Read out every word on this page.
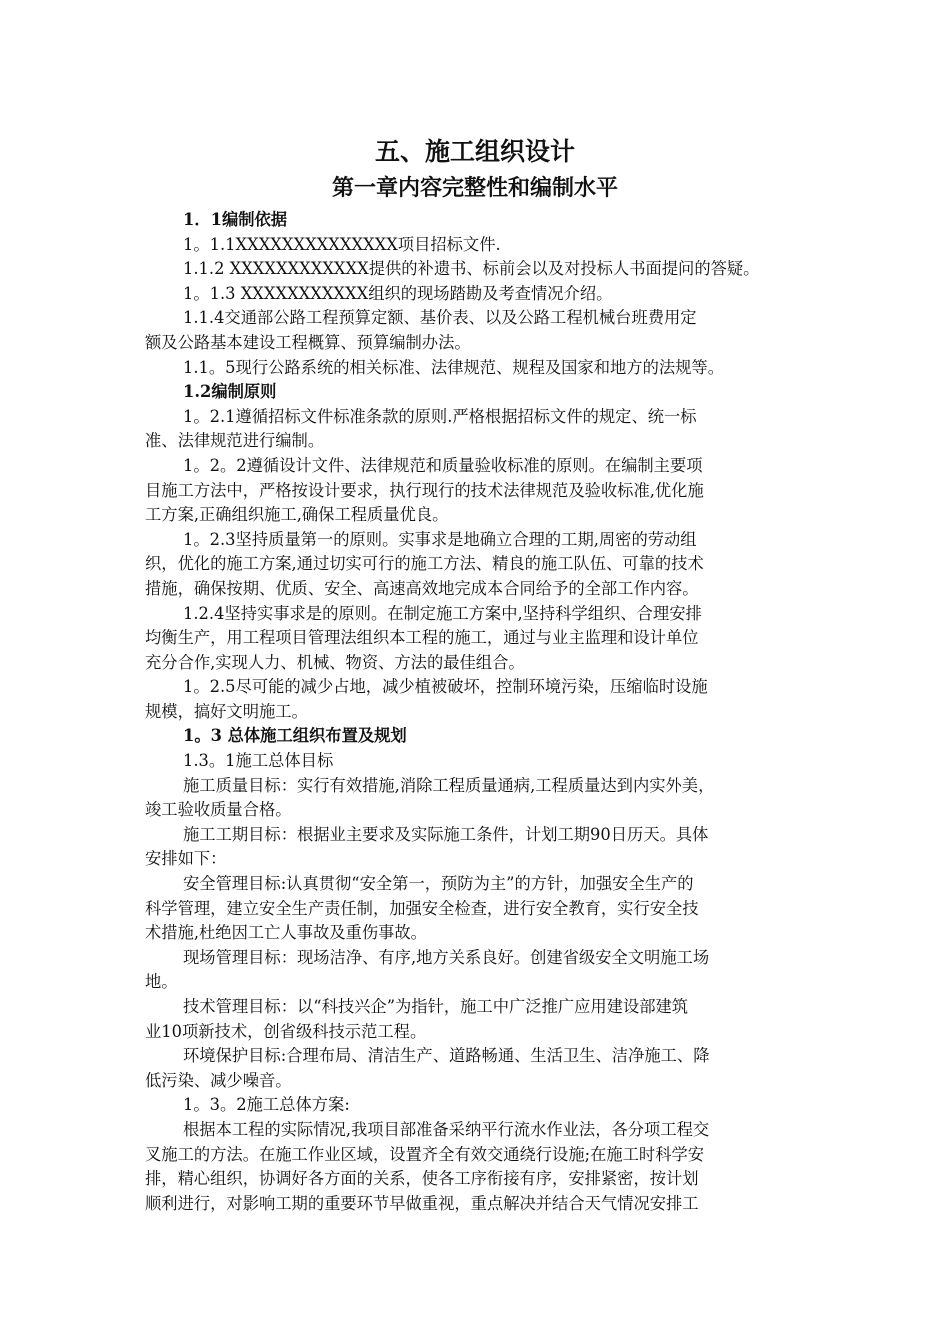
五、施工组织设计
第一章内容完整性和编制水平

1．1编制依据

1。1.1XXXXXXXXXXXXXX项目招标文件.

1.1.2 XXXXXXXXXXXX提供的补遗书、标前会以及对投标人书面提问的答疑。

1。1.3 XXXXXXXXXXX组织的现场踏勘及考查情况介绍。

1.1.4交通部公路工程预算定额、基价表、以及公路工程机械台班费用定

额及公路基本建设工程概算、预算编制办法。

1.1。5现行公路系统的相关标准、法律规范、规程及国家和地方的法规等。

1.2编制原则

1。2.1遵循招标文件标准条款的原则.严格根据招标文件的规定、统一标

准、法律规范进行编制。

1。2。2遵循设计文件、法律规范和质量验收标准的原则。在编制主要项

目施工方法中，严格按设计要求，执行现行的技术法律规范及验收标准,优化施

工方案,正确组织施工,确保工程质量优良。

1。2.3坚持质量第一的原则。实事求是地确立合理的工期,周密的劳动组

织，优化的施工方案,通过切实可行的施工方法、精良的施工队伍、可靠的技术

措施，确保按期、优质、安全、高速高效地完成本合同给予的全部工作内容。

1.2.4坚持实事求是的原则。在制定施工方案中,坚持科学组织、合理安排

均衡生产，用工程项目管理法组织本工程的施工，通过与业主监理和设计单位

充分合作,实现人力、机械、物资、方法的最佳组合。

1。2.5尽可能的减少占地，减少植被破坏，控制环境污染，压缩临时设施

规模，搞好文明施工。

1。3 总体施工组织布置及规划

1.3。1施工总体目标

施工质量目标：实行有效措施,消除工程质量通病,工程质量达到内实外美，

竣工验收质量合格。

施工工期目标：根据业主要求及实际施工条件，计划工期90日历天。具体

安排如下：

安全管理目标:认真贯彻“安全第一，预防为主”的方针，加强安全生产的

科学管理，建立安全生产责任制，加强安全检查，进行安全教育，实行安全技

术措施,杜绝因工亡人事故及重伤事故。

现场管理目标：现场洁净、有序,地方关系良好。创建省级安全文明施工场

地。

技术管理目标：以“科技兴企”为指针，施工中广泛推广应用建设部建筑

业10项新技术，创省级科技示范工程。

环境保护目标:合理布局、清洁生产、道路畅通、生活卫生、洁净施工、降

低污染、减少噪音。

1。3。2施工总体方案:

根据本工程的实际情况,我项目部准备采纳平行流水作业法，各分项工程交

叉施工的方法。在施工作业区域，设置齐全有效交通绕行设施;在施工时科学安

排，精心组织，协调好各方面的关系，使各工序衔接有序，安排紧密，按计划

顺利进行，对影响工期的重要环节早做重视，重点解决并结合天气情况安排工
